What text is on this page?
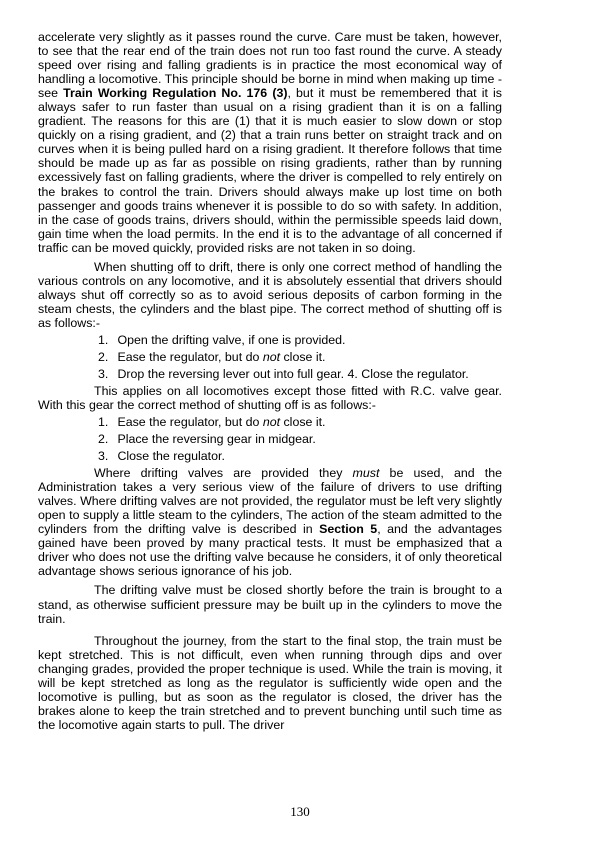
accelerate very slightly as it passes round the curve. Care must be taken, however, to see that the rear end of the train does not run too fast round the curve. A steady speed over rising and falling gradients is in practice the most economical way of handling a locomotive. This principle should be borne in mind when making up time - see Train Working Regulation No. 176 (3), but it must be remembered that it is always safer to run faster than usual on a rising gradient than it is on a falling gradient. The reasons for this are (1) that it is much easier to slow down or stop quickly on a rising gradient, and (2) that a train runs better on straight track and on curves when it is being pulled hard on a rising gradient. It therefore follows that time should be made up as far as possible on rising gradients, rather than by running excessively fast on falling gradients, where the driver is compelled to rely entirely on the brakes to control the train. Drivers should always make up lost time on both passenger and goods trains whenever it is possible to do so with safety. In addition, in the case of goods trains, drivers should, within the permissible speeds laid down, gain time when the load permits. In the end it is to the advantage of all concerned if traffic can be moved quickly, provided risks are not taken in so doing.

When shutting off to drift, there is only one correct method of handling the various controls on any locomotive, and it is absolutely essential that drivers should always shut off correctly so as to avoid serious deposits of carbon forming in the steam chests, the cylinders and the blast pipe. The correct method of shutting off is as follows:-

1. Open the drifting valve, if one is provided.
2. Ease the regulator, but do not close it.
3. Drop the reversing lever out into full gear. 4. Close the regulator.

This applies on all locomotives except those fitted with R.C. valve gear. With this gear the correct method of shutting off is as follows:-

1. Ease the regulator, but do not close it.
2. Place the reversing gear in midgear.
3. Close the regulator.

Where drifting valves are provided they must be used, and the Administration takes a very serious view of the failure of drivers to use drifting valves. Where drifting valves are not provided, the regulator must be left very slightly open to supply a little steam to the cylinders, The action of the steam admitted to the cylinders from the drifting valve is described in Section 5, and the advantages gained have been proved by many practical tests. It must be emphasized that a driver who does not use the drifting valve because he considers, it of only theoretical advantage shows serious ignorance of his job.

The drifting valve must be closed shortly before the train is brought to a stand, as otherwise sufficient pressure may be built up in the cylinders to move the train.

Throughout the journey, from the start to the final stop, the train must be kept stretched. This is not difficult, even when running through dips and over changing grades, provided the proper technique is used. While the train is moving, it will be kept stretched as long as the regulator is sufficiently wide open and the locomotive is pulling, but as soon as the regulator is closed, the driver has the brakes alone to keep the train stretched and to prevent bunching until such time as the locomotive again starts to pull. The driver

130
